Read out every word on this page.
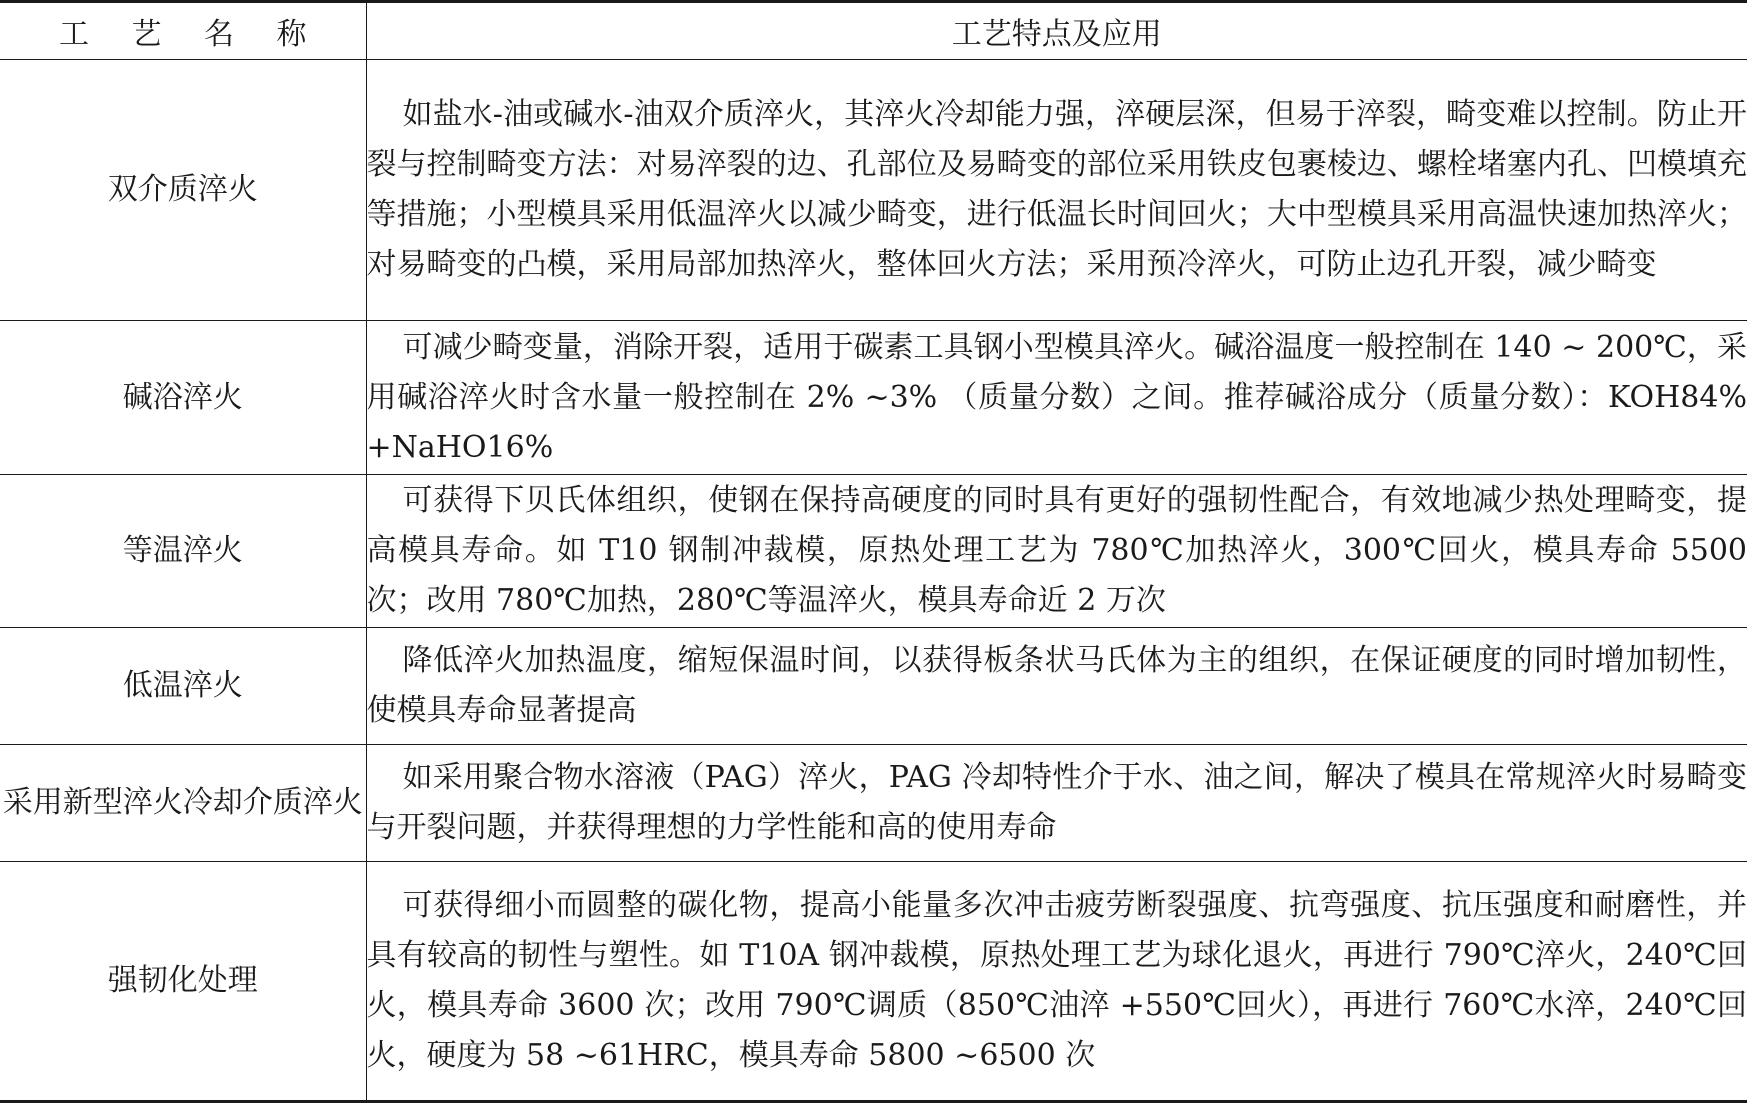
工 艺 名 称	工艺特点及应用
双介质淬火	如盐水-油或碱水-油双介质淬火，其淬火冷却能力强，淬硬层深，但易于淬裂，畸变难以控制。防止开裂与控制畸变方法：对易淬裂的边、孔部位及易畸变的部位采用铁皮包裹棱边、螺栓堵塞内孔、凹模填充等措施；小型模具采用低温淬火以减少畸变，进行低温长时间回火；大中型模具采用高温快速加热淬火；对易畸变的凸模，采用局部加热淬火，整体回火方法；采用预冷淬火，可防止边孔开裂，减少畸变

碱浴淬火	可减少畸变量，消除开裂，适用于碳素工具钢小型模具淬火。碱浴温度一般控制在 140 ~ 200℃，采用碱浴淬火时含水量一般控制在 2% ~3% （质量分数）之间。推荐碱浴成分（质量分数）：KOH84% +NaHO16%

等温淬火	可获得下贝氏体组织，使钢在保持高硬度的同时具有更好的强韧性配合，有效地减少热处理畸变，提高模具寿命。如 T10 钢制冲裁模，原热处理工艺为 780℃加热淬火，300℃回火，模具寿命 5500 次；改用 780℃加热，280℃等温淬火，模具寿命近 2 万次

低温淬火	降低淬火加热温度，缩短保温时间，以获得板条状马氏体为主的组织，在保证硬度的同时增加韧性，使模具寿命显著提高

采用新型淬火冷却介质淬火	如采用聚合物水溶液（PAG）淬火，PAG 冷却特性介于水、油之间，解决了模具在常规淬火时易畸变与开裂问题，并获得理想的力学性能和高的使用寿命

强韧化处理	可获得细小而圆整的碳化物，提高小能量多次冲击疲劳断裂强度、抗弯强度、抗压强度和耐磨性，并具有较高的韧性与塑性。如 T10A 钢冲裁模，原热处理工艺为球化退火，再进行 790℃淬火，240℃回火，模具寿命 3600 次；改用 790℃调质（850℃油淬 +550℃回火），再进行 760℃水淬，240℃回火，硬度为 58 ~61HRC，模具寿命 5800 ~6500 次
